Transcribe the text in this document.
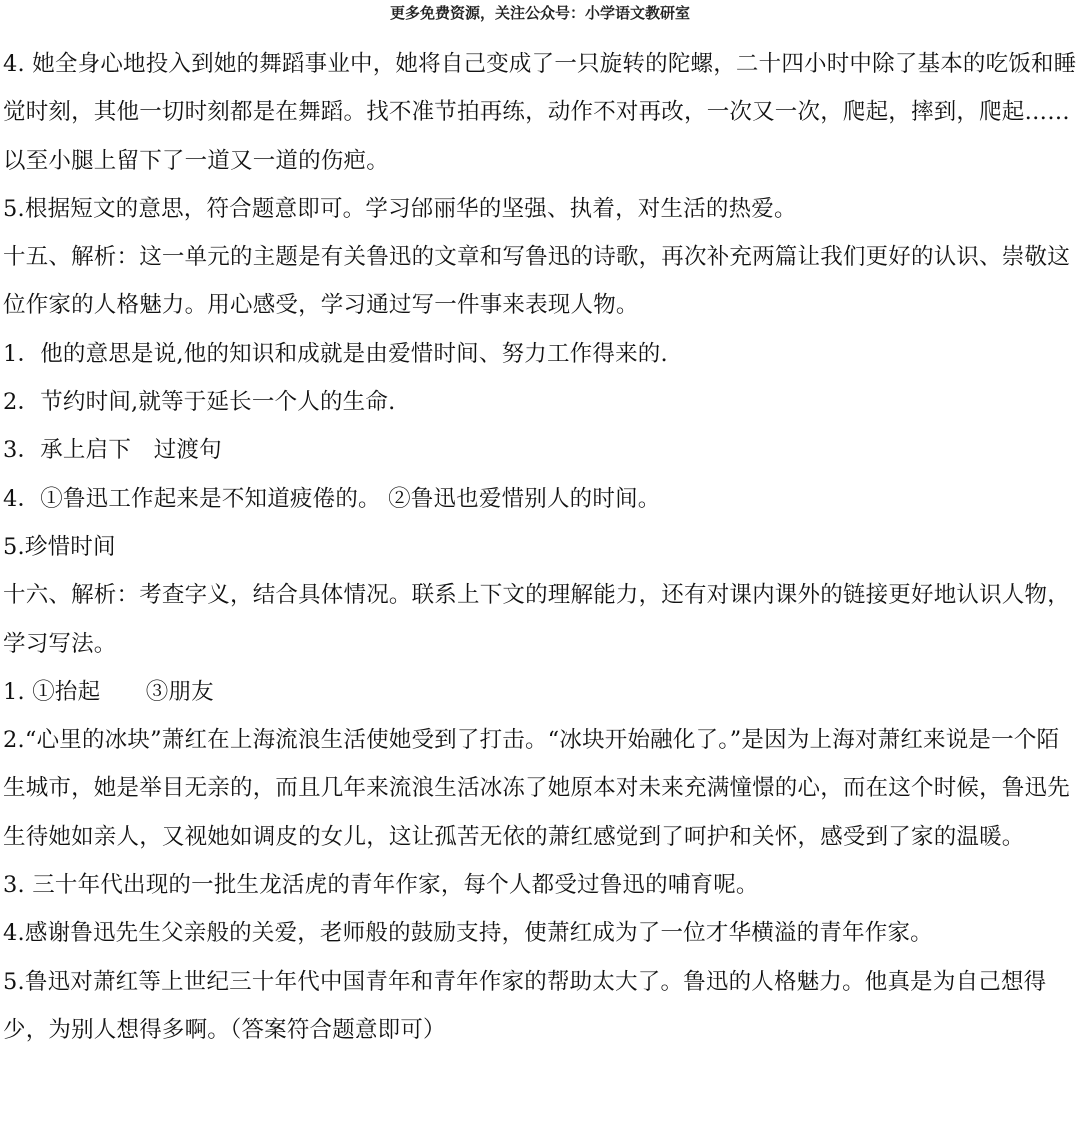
更多免费资源，关注公众号：小学语文教研室

4. 她全身心地投入到她的舞蹈事业中，她将自己变成了一只旋转的陀螺，二十四小时中除了基本的吃饭和睡觉时刻，其他一切时刻都是在舞蹈。找不准节拍再练，动作不对再改，一次又一次，爬起，摔到，爬起……以至小腿上留下了一道又一道的伤疤。

5.根据短文的意思，符合题意即可。学习邰丽华的坚强、执着，对生活的热爱。

十五、解析：这一单元的主题是有关鲁迅的文章和写鲁迅的诗歌，再次补充两篇让我们更好的认识、崇敬这位作家的人格魅力。用心感受，学习通过写一件事来表现人物。

1．他的意思是说,他的知识和成就是由爱惜时间、努力工作得来的.

2．节约时间,就等于延长一个人的生命.

3．承上启下　过渡句

4．①鲁迅工作起来是不知道疲倦的。 ②鲁迅也爱惜别人的时间。

5.珍惜时间

十六、解析：考查字义，结合具体情况。联系上下文的理解能力，还有对课内课外的链接更好地认识人物，学习写法。

1. ①抬起　　③朋友

2.“心里的冰块”萧红在上海流浪生活使她受到了打击。“冰块开始融化了。”是因为上海对萧红来说是一个陌生城市，她是举目无亲的，而且几年来流浪生活冰冻了她原本对未来充满憧憬的心，而在这个时候，鲁迅先生待她如亲人，又视她如调皮的女儿，这让孤苦无依的萧红感觉到了呵护和关怀，感受到了家的温暖。

3. 三十年代出现的一批生龙活虎的青年作家，每个人都受过鲁迅的哺育呢。

4.感谢鲁迅先生父亲般的关爱，老师般的鼓励支持，使萧红成为了一位才华横溢的青年作家。

5.鲁迅对萧红等上世纪三十年代中国青年和青年作家的帮助太大了。鲁迅的人格魅力。他真是为自己想得少，为别人想得多啊。（答案符合题意即可）
